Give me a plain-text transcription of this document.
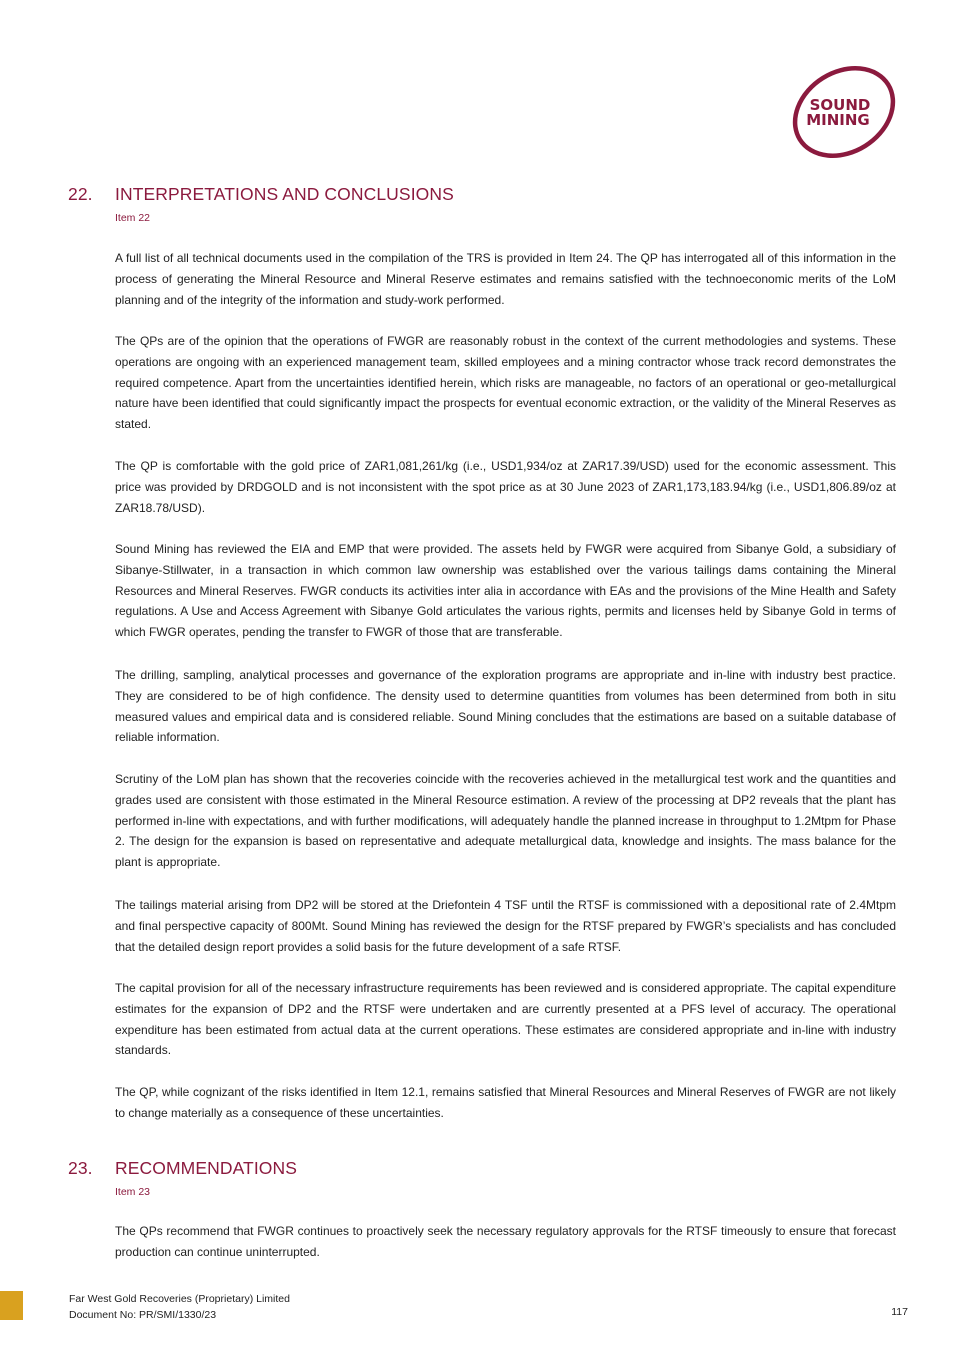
SOUND
MINING
22. INTERPRETATIONS AND CONCLUSIONS
Item 22

A full list of all technical documents used in the compilation of the TRS is provided in Item 24. The QP has interrogated all of this information in the process of generating the Mineral Resource and Mineral Reserve estimates and remains satisfied with the technoeconomic merits of the LoM planning and of the integrity of the information and study-work performed.

The QPs are of the opinion that the operations of FWGR are reasonably robust in the context of the current methodologies and systems. These operations are ongoing with an experienced management team, skilled employees and a mining contractor whose track record demonstrates the required competence. Apart from the uncertainties identified herein, which risks are manageable, no factors of an operational or geo-metallurgical nature have been identified that could significantly impact the prospects for eventual economic extraction, or the validity of the Mineral Reserves as stated.

The QP is comfortable with the gold price of ZAR1,081,261/kg (i.e., USD1,934/oz at ZAR17.39/USD) used for the economic assessment. This price was provided by DRDGOLD and is not inconsistent with the spot price as at 30 June 2023 of ZAR1,173,183.94/kg (i.e., USD1,806.89/oz at ZAR18.78/USD).

Sound Mining has reviewed the EIA and EMP that were provided. The assets held by FWGR were acquired from Sibanye Gold, a subsidiary of Sibanye-Stillwater, in a transaction in which common law ownership was established over the various tailings dams containing the Mineral Resources and Mineral Reserves. FWGR conducts its activities inter alia in accordance with EAs and the provisions of the Mine Health and Safety regulations. A Use and Access Agreement with Sibanye Gold articulates the various rights, permits and licenses held by Sibanye Gold in terms of which FWGR operates, pending the transfer to FWGR of those that are transferable.

The drilling, sampling, analytical processes and governance of the exploration programs are appropriate and in-line with industry best practice. They are considered to be of high confidence. The density used to determine quantities from volumes has been determined from both in situ measured values and empirical data and is considered reliable. Sound Mining concludes that the estimations are based on a suitable database of reliable information.

Scrutiny of the LoM plan has shown that the recoveries coincide with the recoveries achieved in the metallurgical test work and the quantities and grades used are consistent with those estimated in the Mineral Resource estimation. A review of the processing at DP2 reveals that the plant has performed in-line with expectations, and with further modifications, will adequately handle the planned increase in throughput to 1.2Mtpm for Phase 2. The design for the expansion is based on representative and adequate metallurgical data, knowledge and insights. The mass balance for the plant is appropriate.

The tailings material arising from DP2 will be stored at the Driefontein 4 TSF until the RTSF is commissioned with a depositional rate of 2.4Mtpm and final perspective capacity of 800Mt. Sound Mining has reviewed the design for the RTSF prepared by FWGR’s specialists and has concluded that the detailed design report provides a solid basis for the future development of a safe RTSF.

The capital provision for all of the necessary infrastructure requirements has been reviewed and is considered appropriate. The capital expenditure estimates for the expansion of DP2 and the RTSF were undertaken and are currently presented at a PFS level of accuracy. The operational expenditure has been estimated from actual data at the current operations. These estimates are considered appropriate and in-line with industry standards.

The QP, while cognizant of the risks identified in Item 12.1, remains satisfied that Mineral Resources and Mineral Reserves of FWGR are not likely to change materially as a consequence of these uncertainties.

23. RECOMMENDATIONS
Item 23

The QPs recommend that FWGR continues to proactively seek the necessary regulatory approvals for the RTSF timeously to ensure that forecast production can continue uninterrupted.

Far West Gold Recoveries (Proprietary) Limited
Document No: PR/SMI/1330/23	117
